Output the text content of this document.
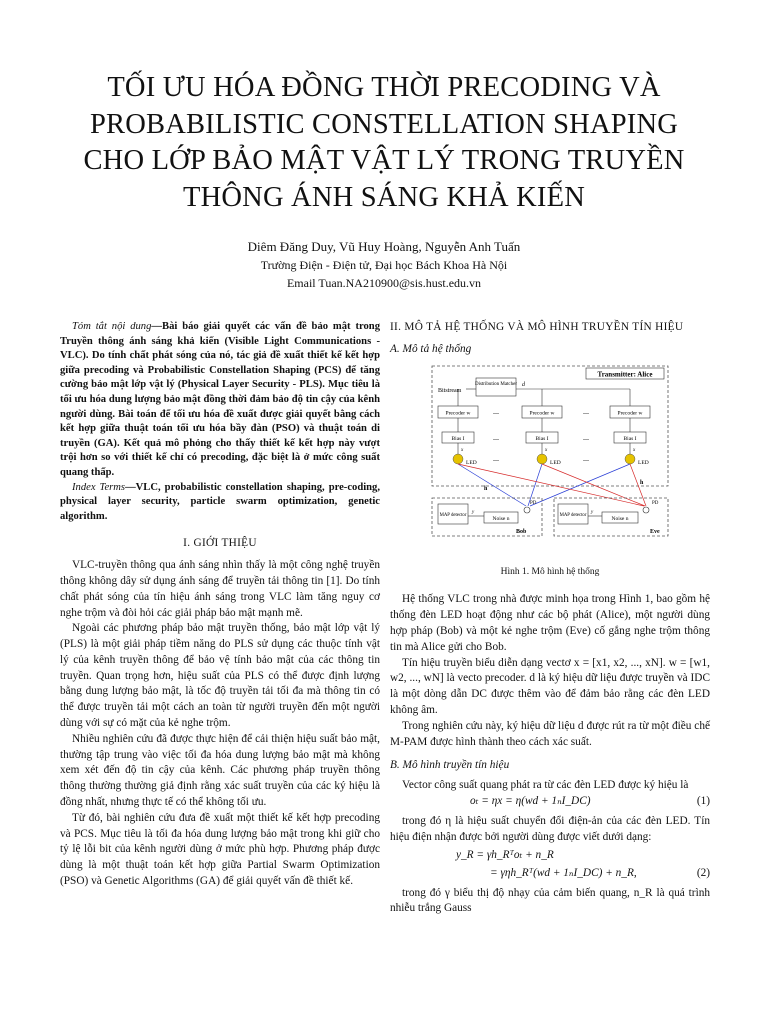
TỐI ƯU HÓA ĐỒNG THỜI PRECODING VÀ
PROBABILISTIC CONSTELLATION SHAPING
CHO LỚP BẢO MẬT VẬT LÝ TRONG TRUYỀN
THÔNG ÁNH SÁNG KHẢ KIẾN
Diêm Đăng Duy, Vũ Huy Hoàng, Nguyễn Anh Tuấn
Trường Điện - Điện tử, Đại học Bách Khoa Hà Nội
Email Tuan.NA210900@sis.hust.edu.vn

Tóm tắt nội dung—Bài báo giải quyết các vấn đề bảo mật trong Truyền thông ánh sáng khả kiến (Visible Light Communications - VLC). Do tính chất phát sóng của nó, tác giả đề xuất thiết kế kết hợp giữa precoding và Probabilistic Constellation Shaping (PCS) để tăng cường bảo mật lớp vật lý (Physical Layer Security - PLS). Mục tiêu là tối ưu hóa dung lượng bảo mật đồng thời đảm bảo độ tin cậy của kênh người dùng. Bài toán để tối ưu hóa đề xuất được giải quyết bằng cách kết hợp giữa thuật toán tối ưu hóa bầy đàn (PSO) và thuật toán di truyền (GA). Kết quả mô phỏng cho thấy thiết kế kết hợp này vượt trội hơn so với thiết kế chỉ có precoding, đặc biệt là ở mức công suất quang thấp.

Index Terms—VLC, probabilistic constellation shaping, pre-coding, physical layer security, particle swarm optimization, genetic algorithm.

I. GIỚI THIỆU

VLC-truyền thông qua ánh sáng nhìn thấy là một công nghệ truyền thông không dây sử dụng ánh sáng để truyền tải thông tin [1]. Do tính chất phát sóng của tín hiệu ánh sáng trong VLC làm tăng nguy cơ nghe trộm và đòi hỏi các giải pháp bảo mật mạnh mẽ.

Ngoài các phương pháp bảo mật truyền thống, bảo mật lớp vật lý (PLS) là một giải pháp tiềm năng do PLS sử dụng các thuộc tính vật lý của kênh truyền thông để bảo vệ tính bảo mật của các thông tin truyền. Quan trọng hơn, hiệu suất của PLS có thể được định lượng bằng dung lượng bảo mật, là tốc độ truyền tải tối đa mà thông tin có thể được truyền tải một cách an toàn từ người truyền đến một người dùng với sự có mặt của kẻ nghe trộm.

Nhiều nghiên cứu đã được thực hiện để cải thiện hiệu suất bảo mật, thường tập trung vào việc tối đa hóa dung lượng bảo mật mà không xem xét đến độ tin cậy của kênh. Các phương pháp truyền thông thông thường thường giả định rằng xác suất truyền của các ký hiệu là đồng nhất, nhưng thực tế có thể không tối ưu.

Từ đó, bài nghiên cứu đưa đề xuất một thiết kế kết hợp precoding và PCS. Mục tiêu là tối đa hóa dung lượng bảo mật trong khi giữ cho tỷ lệ lỗi bit của kênh người dùng ở mức phù hợp. Phương pháp được dùng là một thuật toán kết hợp giữa Partial Swarm Optimization (PSO) và Genetic Algorithms (GA) để giải quyết vấn đề thiết kế.

II. MÔ TẢ HỆ THỐNG VÀ MÔ HÌNH TRUYỀN TÍN HIỆU
A. Mô tả hệ thống
Transmitter: Alice
Bitstream
Distribution Matcher d
Precoder w	Precoder w	Precoder w
...	...
Bias I	Bias I	Bias I
...	...
x	x	x
LED	LED	LED
...	...
h
h
PD
MAP detector
Noise n
y
Bob
PD
MAP detector
Noise n
y
Eve
Hình 1. Mô hình hệ thống

Hệ thống VLC trong nhà được minh họa trong Hình 1, bao gồm hệ thống đèn LED hoạt động như các bộ phát (Alice), một người dùng hợp pháp (Bob) và một kẻ nghe trộm (Eve) cố gắng nghe trộm thông tin mà Alice gửi cho Bob.

Tín hiệu truyền biểu diễn dạng vectơ x = [x1, x2, ..., xN]. w = [w1, w2, ..., wN] là vecto precoder. d là ký hiệu dữ liệu được truyền và IDC là một dòng dẫn DC được thêm vào để đảm bảo rằng các đèn LED không âm.

Trong nghiên cứu này, ký hiệu dữ liệu d được rút ra từ một điều chế M-PAM được hình thành theo cách xác suất.

B. Mô hình truyền tín hiệu

Vector công suất quang phát ra từ các đèn LED được ký hiệu là

oₜ = ηx = η(wd + 1ₙI_DC)	(1)

trong đó η là hiệu suất chuyển đổi điện-ản của các đèn LED. Tín hiệu điện nhận được bởi người dùng được viết dưới dạng:

y_R = γh_Rᵀoₜ + n_R
= γηh_Rᵀ(wd + 1ₙI_DC) + n_R,	(2)

trong đó γ biểu thị độ nhạy của cảm biến quang, n_R là quá trình nhiễu trắng Gauss
